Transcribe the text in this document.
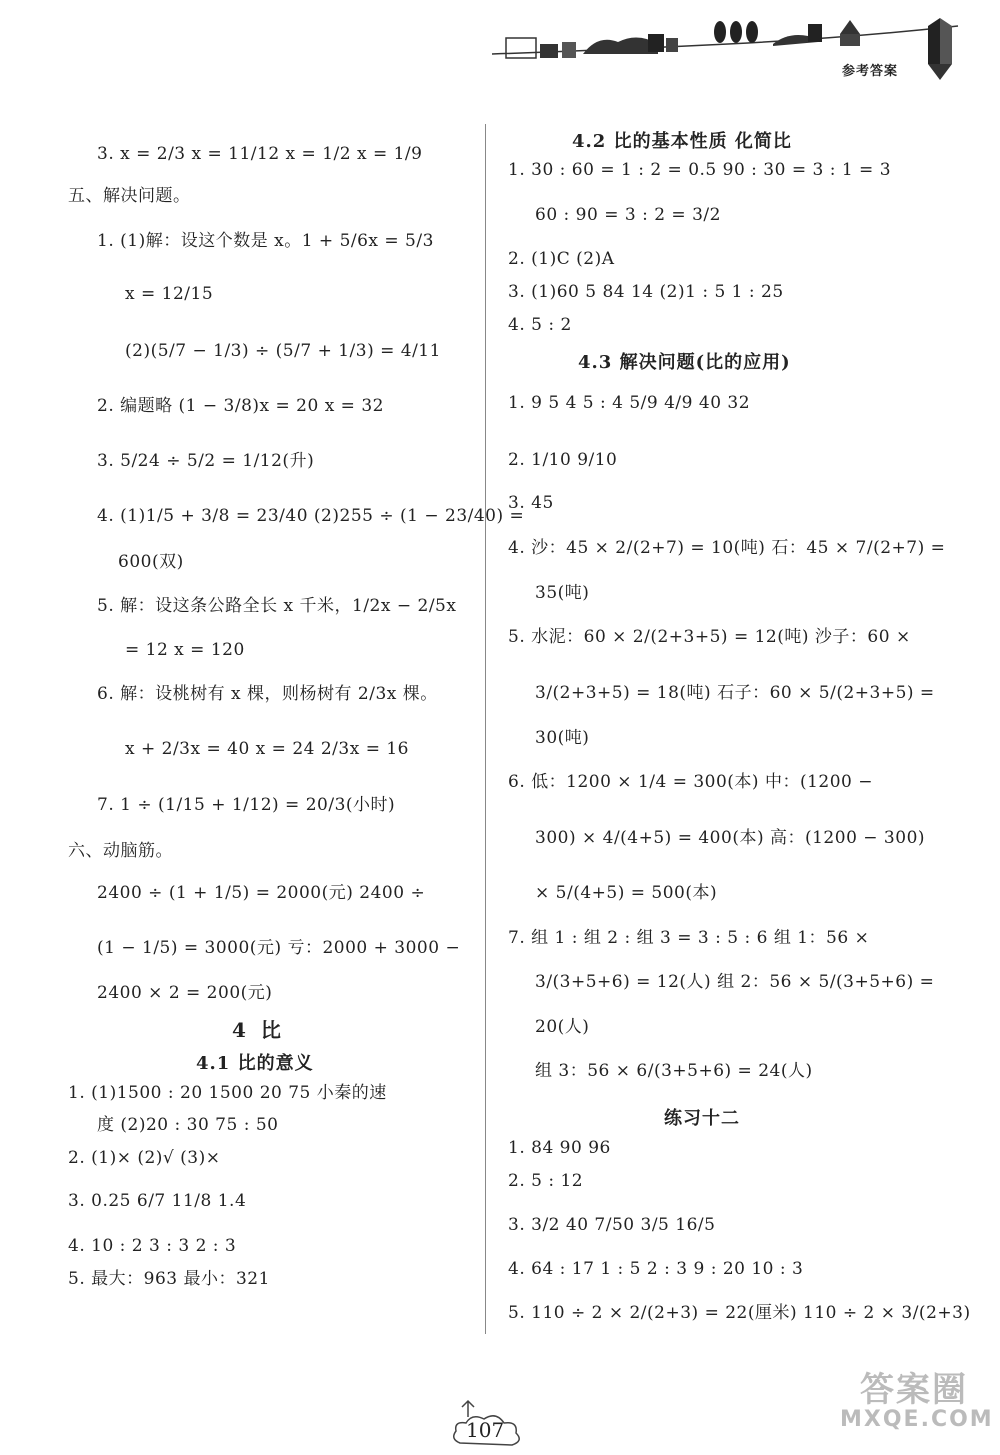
参考答案
3. x = 2/3 x = 11/12 x = 1/2 x = 1/9
五、解决问题。
1. (1)解：设这个数是 x。1 + 5/6x = 5/3
x = 12/15
(2)(5/7 − 1/3) ÷ (5/7 + 1/3) = 4/11
2. 编题略 (1 − 3/8)x = 20 x = 32
3. 5/24 ÷ 5/2 = 1/12(升)
4. (1)1/5 + 3/8 = 23/40 (2)255 ÷ (1 − 23/40) =
600(双)
5. 解：设这条公路全长 x 千米，1/2x − 2/5x
= 12 x = 120
6. 解：设桃树有 x 棵，则杨树有 2/3x 棵。
x + 2/3x = 40 x = 24 2/3x = 16
7. 1 ÷ (1/15 + 1/12) = 20/3(小时)
六、动脑筋。
2400 ÷ (1 + 1/5) = 2000(元) 2400 ÷
(1 − 1/5) = 3000(元) 亏：2000 + 3000 −
2400 × 2 = 200(元)
4 比
4.1 比的意义
1. (1)1500 : 20 1500 20 75 小秦的速
度 (2)20 : 30 75 : 50
2. (1)× (2)√ (3)×
3. 0.25 6/7 11/8 1.4
4. 10 : 2 3 : 3 2 : 3
5. 最大：963 最小：321
4.2 比的基本性质 化简比
1. 30 : 60 = 1 : 2 = 0.5 90 : 30 = 3 : 1 = 3
60 : 90 = 3 : 2 = 3/2
2. (1)C (2)A
3. (1)60 5 84 14 (2)1 : 5 1 : 25
4. 5 : 2
4.3 解决问题(比的应用)
1. 9 5 4 5 : 4 5/9 4/9 40 32
2. 1/10 9/10
3. 45
4. 沙：45 × 2/(2+7) = 10(吨) 石：45 × 7/(2+7) =
35(吨)
5. 水泥：60 × 2/(2+3+5) = 12(吨) 沙子：60 ×
3/(2+3+5) = 18(吨) 石子：60 × 5/(2+3+5) =
30(吨)
6. 低：1200 × 1/4 = 300(本) 中：(1200 −
300) × 4/(4+5) = 400(本) 高：(1200 − 300)
× 5/(4+5) = 500(本)
7. 组 1 : 组 2 : 组 3 = 3 : 5 : 6 组 1：56 ×
3/(3+5+6) = 12(人) 组 2：56 × 5/(3+5+6) =
20(人)
组 3：56 × 6/(3+5+6) = 24(人)
练习十二
1. 84 90 96
2. 5 : 12
3. 3/2 40 7/50 3/5 16/5
4. 64 : 17 1 : 5 2 : 3 9 : 20 10 : 3
5. 110 ÷ 2 × 2/(2+3) = 22(厘米) 110 ÷ 2 × 3/(2+3)
107
答案圈
MXQE.COM
